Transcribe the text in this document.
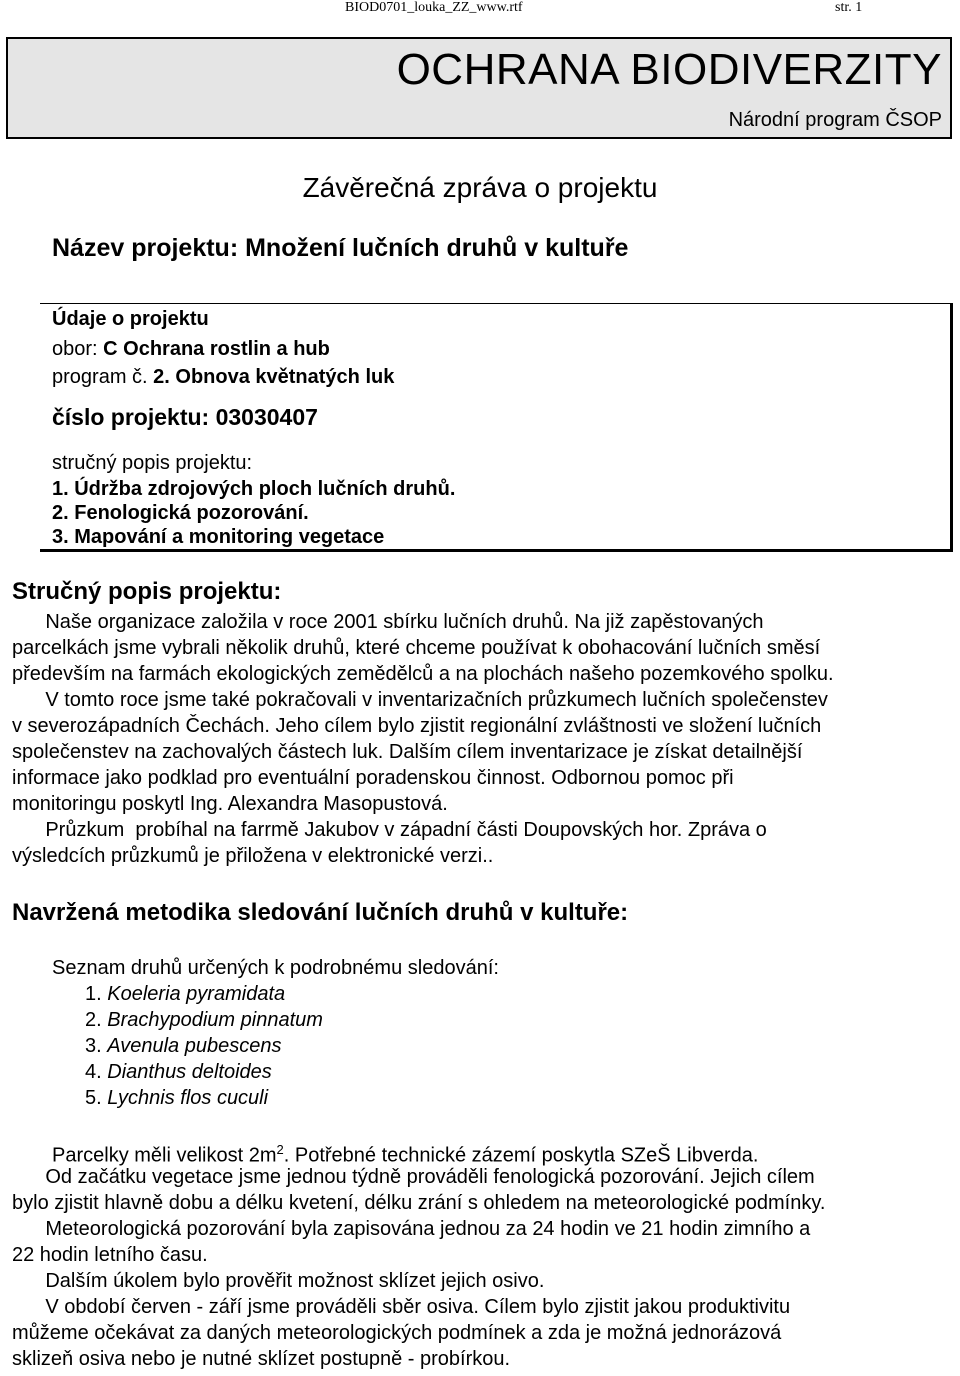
BIOD0701_louka_ZZ_www.rtf	str. 1
OCHRANA BIODIVERZITY
Národní program ČSOP
Závěrečná zpráva o projektu
Název projektu: Množení lučních druhů v kultuře
Údaje o projektu
obor: C Ochrana rostlin a hub
program č. 2. Obnova květnatých luk
číslo projektu: 03030407
stručný popis projektu:
1. Údržba zdrojových ploch lučních druhů.
2. Fenologická pozorování.
3. Mapování a monitoring vegetace
Stručný popis projektu:
Naše organizace založila v roce 2001 sbírku lučních druhů. Na již zapěstovaných
parcelkách jsme vybrali několik druhů, které chceme používat k obohacování lučních směsí
především na farmách ekologických zemědělců a na plochách našeho pozemkového spolku.
V tomto roce jsme také pokračovali v inventarizačních průzkumech lučních společenstev
v severozápadních Čechách. Jeho cílem bylo zjistit regionální zvláštnosti ve složení lučních
společenstev na zachovalých částech luk. Dalším cílem inventarizace je získat detailnější
informace jako podklad pro eventuální poradenskou činnost. Odbornou pomoc při
monitoringu poskytl Ing. Alexandra Masopustová.
Průzkum  probíhal na farrmě Jakubov v západní části Doupovských hor. Zpráva o
výsledcích průzkumů je přiložena v elektronické verzi..
Navržená metodika sledování lučních druhů v kultuře:
Seznam druhů určených k podrobnému sledování:
1. Koeleria pyramidata
2. Brachypodium pinnatum
3. Avenula pubescens
4. Dianthus deltoides
5. Lychnis flos cuculi
Parcelky měli velikost $2m^2$. Potřebné technické zázemí poskytla SZeŠ Libverda.
Od začátku vegetace jsme jednou týdně prováděli fenologická pozorování. Jejich cílem
bylo zjistit hlavně dobu a délku kvetení, délku zrání s ohledem na meteorologické podmínky.
Meteorologická pozorování byla zapisována jednou za 24 hodin ve 21 hodin zimního a
22 hodin letního času.
Dalším úkolem bylo prověřit možnost sklízet jejich osivo.
V období červen - září jsme prováděli sběr osiva. Cílem bylo zjistit jakou produktivitu
můžeme očekávat za daných meteorologických podmínek a zda je možná jednorázová
sklizeň osiva nebo je nutné sklízet postupně - probírkou.
